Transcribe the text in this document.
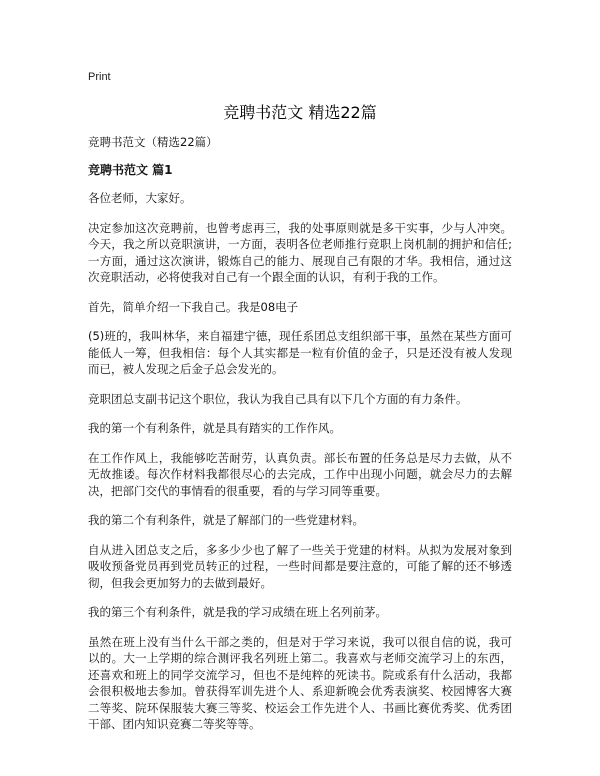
Print
竞聘书范文 精选22篇

竞聘书范文（精选22篇）

竞聘书范文 篇1

各位老师，大家好。

决定参加这次竞聘前，也曾考虑再三，我的处事原则就是多干实事，少与人冲突。今天，我之所以竞职演讲，一方面，表明各位老师推行竞职上岗机制的拥护和信任;一方面，通过这次演讲，锻炼自己的能力、展现自己有限的才华。我相信，通过这次竞职活动，必将使我对自己有一个跟全面的认识，有利于我的工作。

首先，简单介绍一下我自己。我是08电子

(5)班的，我叫林华，来自福建宁德，现任系团总支组织部干事，虽然在某些方面可能低人一筹，但我相信：每个人其实都是一粒有价值的金子，只是还没有被人发现而已，被人发现之后金子总会发光的。

竞职团总支副书记这个职位，我认为我自己具有以下几个方面的有力条件。

我的第一个有利条件，就是具有踏实的工作作风。

在工作作风上，我能够吃苦耐劳，认真负责。部长布置的任务总是尽力去做，从不无故推诿。每次作材料我都很尽心的去完成，工作中出现小问题，就会尽力的去解决，把部门交代的事情看的很重要，看的与学习同等重要。

我的第二个有利条件，就是了解部门的一些党建材料。

自从进入团总支之后，多多少少也了解了一些关于党建的材料。从拟为发展对象到吸收预备党员再到党员转正的过程，一些时间都是要注意的，可能了解的还不够透彻，但我会更加努力的去做到最好。

我的第三个有利条件，就是我的学习成绩在班上名列前茅。

虽然在班上没有当什么干部之类的，但是对于学习来说，我可以很自信的说，我可以的。大一上学期的综合测评我名列班上第二。我喜欢与老师交流学习上的东西，还喜欢和班上的同学交流学习，但也不是纯粹的死读书。院或系有什么活动，我都会很积极地去参加。曾获得军训先进个人、系迎新晚会优秀表演奖、校园博客大赛二等奖、院环保服装大赛三等奖、校运会工作先进个人、书画比赛优秀奖、优秀团干部、团内知识竞赛二等奖等等。
